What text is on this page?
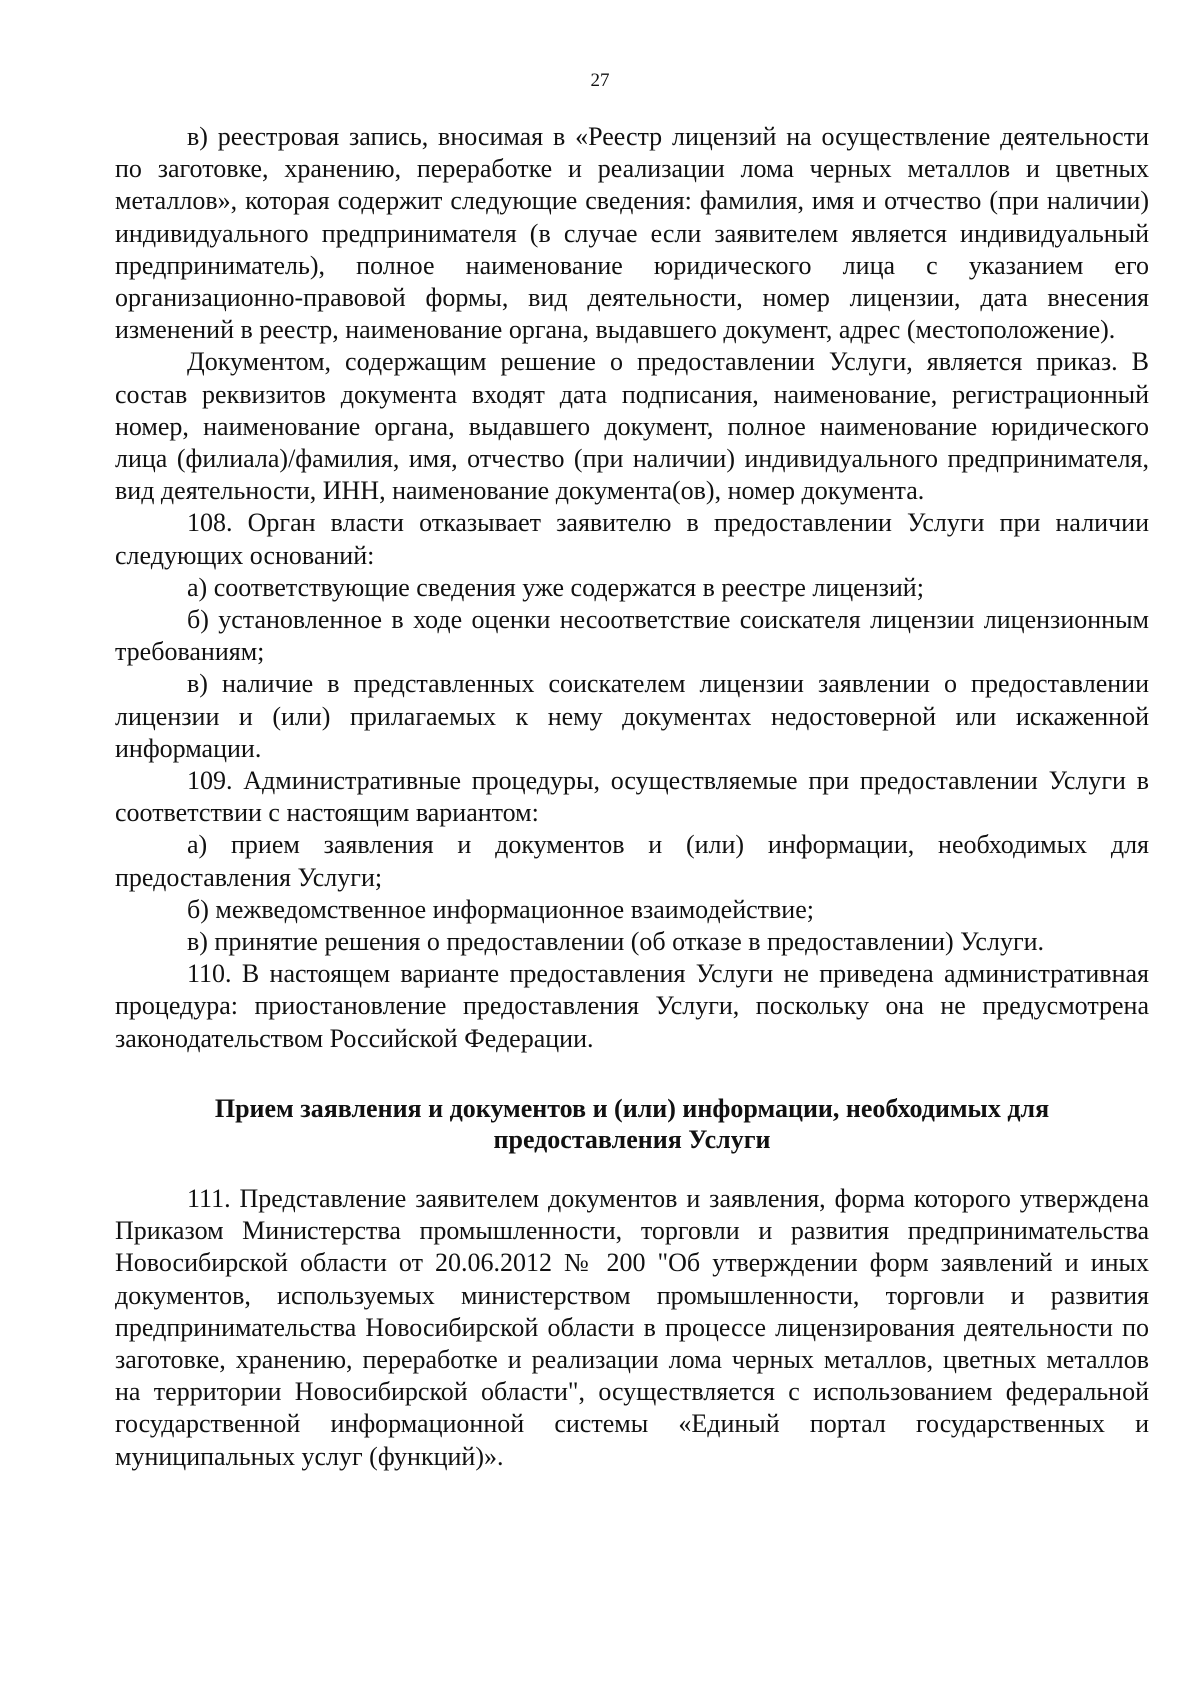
27

в) реестровая запись, вносимая в «Реестр лицензий на осуществление деятельности по заготовке, хранению, переработке и реализации лома черных металлов и цветных металлов», которая содержит следующие сведения: фамилия, имя и отчество (при наличии) индивидуального предпринимателя (в случае если заявителем является индивидуальный предприниматель), полное наименование юридического лица с указанием его организационно-правовой формы, вид деятельности, номер лицензии, дата внесения изменений в реестр, наименование органа, выдавшего документ, адрес (местоположение).

Документом, содержащим решение о предоставлении Услуги, является приказ. В состав реквизитов документа входят дата подписания, наименование, регистрационный номер, наименование органа, выдавшего документ, полное наименование юридического лица (филиала)/фамилия, имя, отчество (при наличии) индивидуального предпринимателя, вид деятельности, ИНН, наименование документа(ов), номер документа.

108. Орган власти отказывает заявителю в предоставлении Услуги при наличии следующих оснований:

а) соответствующие сведения уже содержатся в реестре лицензий;

б) установленное в ходе оценки несоответствие соискателя лицензии лицензионным требованиям;

в) наличие в представленных соискателем лицензии заявлении о предоставлении лицензии и (или) прилагаемых к нему документах недостоверной или искаженной информации.

109. Административные процедуры, осуществляемые при предоставлении Услуги в соответствии с настоящим вариантом:

а) прием заявления и документов и (или) информации, необходимых для предоставления Услуги;

б) межведомственное информационное взаимодействие;

в) принятие решения о предоставлении (об отказе в предоставлении) Услуги.

110. В настоящем варианте предоставления Услуги не приведена административная процедура: приостановление предоставления Услуги, поскольку она не предусмотрена законодательством Российской Федерации.

Прием заявления и документов и (или) информации, необходимых для предоставления Услуги

111. Представление заявителем документов и заявления, форма которого утверждена Приказом Министерства промышленности, торговли и развития предпринимательства Новосибирской области от 20.06.2012 № 200 "Об утверждении форм заявлений и иных документов, используемых министерством промышленности, торговли и развития предпринимательства Новосибирской области в процессе лицензирования деятельности по заготовке, хранению, переработке и реализации лома черных металлов, цветных металлов на территории Новосибирской области", осуществляется с использованием федеральной государственной информационной системы «Единый портал государственных и муниципальных услуг (функций)».
